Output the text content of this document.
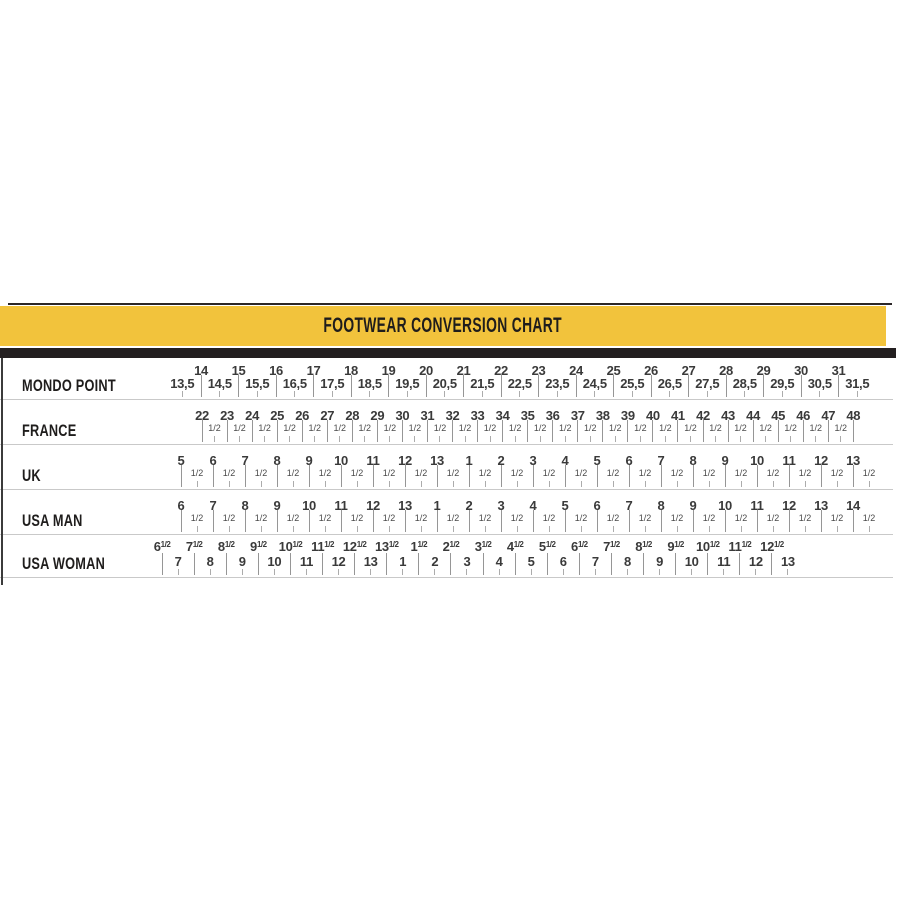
FOOTWEAR CONVERSION CHART
MONDO POINT
14	15	16	17	18	19	20	21	22	23	24	25	26	27	28	29	30	31
13,5	14,5	15,5	16,5	17,5	18,5	19,5	20,5	21,5	22,5	23,5	24,5	25,5	26,5	27,5	28,5	29,5	30,5	31,5
FRANCE
22 23 24 25 26 27 28 29 30 31 32 33 34 35 36 37 38 39 40 41 42 43 44 45 46 47 48
1/2	1/2	1/2	1/2	1/2	1/2	1/2	1/2	1/2	1/2	1/2	1/2	1/2	1/2	1/2	1/2	1/2	1/2	1/2	1/2	1/2	1/2	1/2	1/2	1/2	1/2
UK
5	6	7	8	9	10	11	12	13	1	2	3	4	5	6	7	8	9	10	11	12	13
1/2	1/2	1/2	1/2	1/2	1/2	1/2	1/2	1/2	1/2	1/2	1/2	1/2	1/2	1/2	1/2	1/2	1/2	1/2	1/2	1/2	1/2
USA MAN
6	7	8	9	10	11	12	13	1	2	3	4	5	6	7	8	9	10	11	12	13	14
1/2	1/2	1/2	1/2	1/2	1/2	1/2	1/2	1/2	1/2	1/2	1/2	1/2	1/2	1/2	1/2	1/2	1/2	1/2	1/2	1/2	1/2
USA WOMAN
$6^{1/2}$	$7^{1/2}$	$8^{1/2}$	$9^{1/2}$ $10^{1/2}$ $11^{1/2}$ $12^{1/2}$ $13^{1/2}$ $1^{1/2}$	$2^{1/2}$	$3^{1/2}$	$4^{1/2}$	$5^{1/2}$	$6^{1/2}$	$7^{1/2}$	$8^{1/2}$	$9^{1/2}$ $10^{1/2}$ $11^{1/2}$ $12^{1/2}$
7	8	9	10	11	12	13	1	2	3	4	5	6	7	8	9	10	11	12	13
